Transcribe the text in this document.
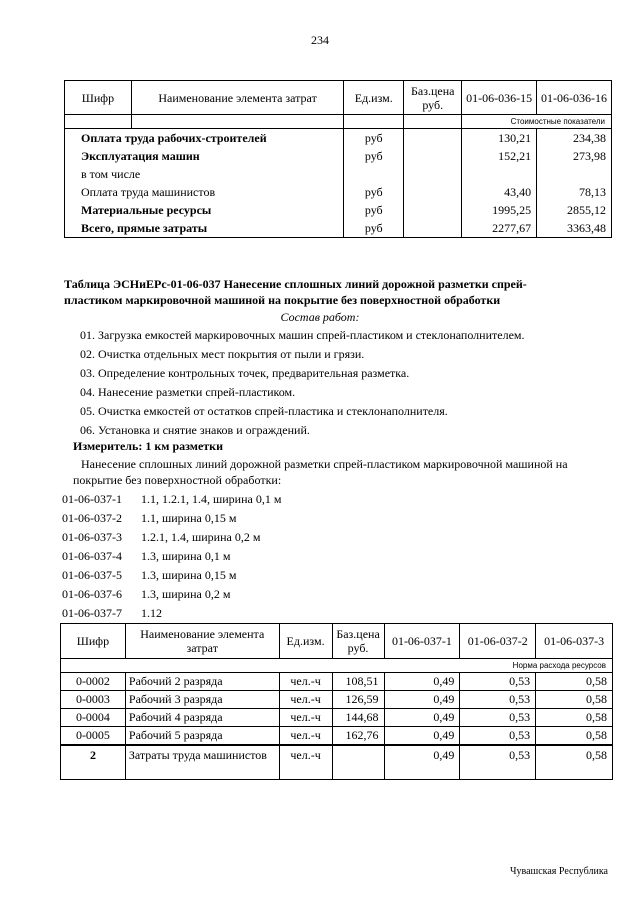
234
Шифр	Наименование элемента затрат	Ед.изм.	Баз.цена руб.	01-06-036-15	01-06-036-16
				Стоимостные показатели	
Оплата труда рабочих-строителей		руб		130,21	234,38
Эксплуатация машин		руб		152,21	273,98
в том числе					
Оплата труда машинистов		руб		43,40	78,13
Материальные ресурсы		руб		1995,25	2855,12
Всего, прямые затраты		руб		2277,67	3363,48
Таблица ЭСНиЕРс-01-06-037 Нанесение сплошных линий дорожной разметки спрей-пластиком маркировочной машиной на покрытие без поверхностной обработки
Состав работ:
01. Загрузка емкостей маркировочных машин спрей-пластиком и стеклонаполнителем.
02. Очистка отдельных мест покрытия от пыли и грязи.
03. Определение контрольных точек, предварительная разметка.
04. Нанесение разметки спрей-пластиком.
05. Очистка емкостей от остатков спрей-пластика и стеклонаполнителя.
06. Установка и снятие знаков и ограждений.
Измеритель: 1 км разметки
Нанесение сплошных линий дорожной разметки спрей-пластиком маркировочной машиной на покрытие без поверхностной обработки:
01-06-037-1 1.1, 1.2.1, 1.4, ширина 0,1 м
01-06-037-2 1.1, ширина 0,15 м
01-06-037-3 1.2.1, 1.4, ширина 0,2 м
01-06-037-4 1.3, ширина 0,1 м
01-06-037-5 1.3, ширина 0,15 м
01-06-037-6 1.3, ширина 0,2 м
01-06-037-7 1.12
Шифр	Наименование элемента затрат	Ед.изм.	Баз.цена руб.	01-06-037-1	01-06-037-2	01-06-037-3
Норма расхода ресурсов						
0-0002	Рабочий 2 разряда	чел.-ч	108,51	0,49	0,53	0,58
0-0003	Рабочий 3 разряда	чел.-ч	126,59	0,49	0,53	0,58
0-0004	Рабочий 4 разряда	чел.-ч	144,68	0,49	0,53	0,58
0-0005	Рабочий 5 разряда	чел.-ч	162,76	0,49	0,53	0,58
2	Затраты труда машинистов	чел.-ч		0,49	0,53	0,58
Чувашская Республика
